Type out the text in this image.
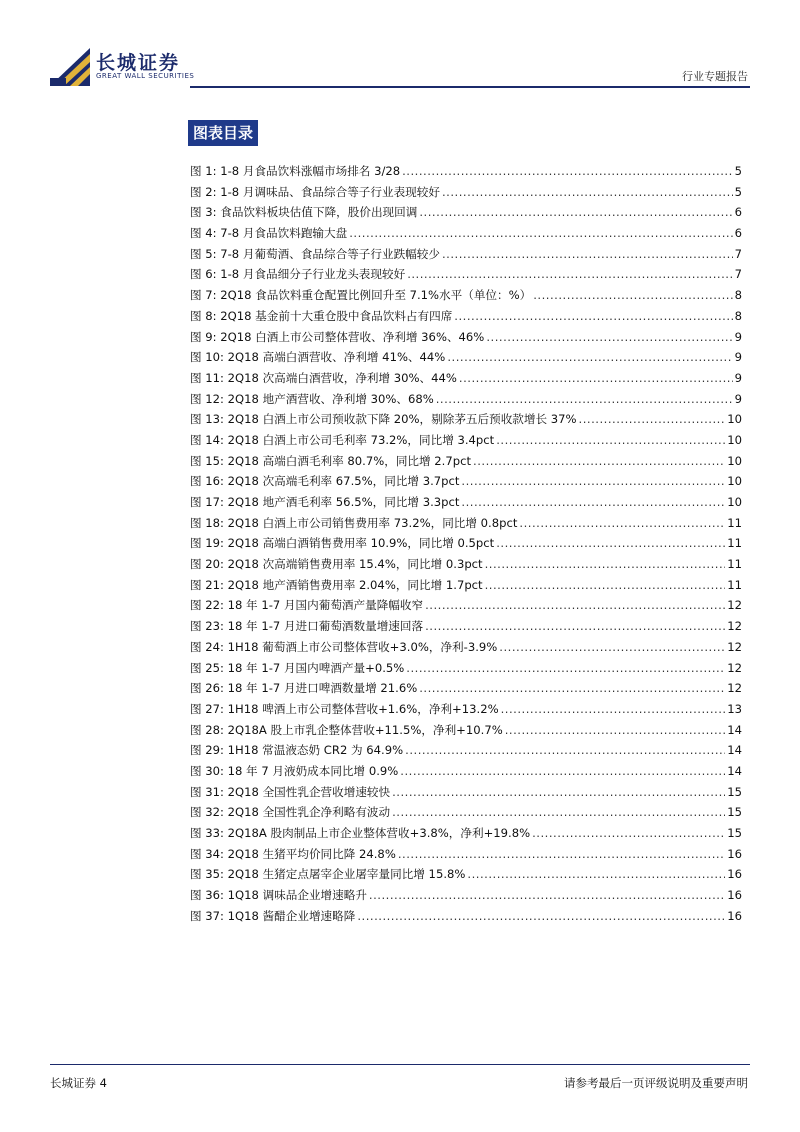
长城证券
GREAT WALL SECURITIES	行业专题报告
图表目录
图 1: 1-8 月食品饮料涨幅市场排名 3/28 .....	5
图 2: 1-8 月调味品、食品综合等子行业表现较好 .....	5
图 3: 食品饮料板块估值下降，股价出现回调 .....	6
图 4: 7-8 月食品饮料跑输大盘 .....	6
图 5: 7-8 月葡萄酒、食品综合等子行业跌幅较少 .....	7
图 6: 1-8 月食品细分子行业龙头表现较好 .....	7
图 7: 2Q18 食品饮料重仓配置比例回升至 7.1%水平（单位：%） .....	8
图 8: 2Q18 基金前十大重仓股中食品饮料占有四席 .....	8
图 9: 2Q18 白酒上市公司整体营收、净利增 36%、46% .....	9
图 10: 2Q18 高端白酒营收、净利增 41%、44% .....	9
图 11: 2Q18 次高端白酒营收，净利增 30%、44% .....	9
图 12: 2Q18 地产酒营收、净利增 30%、68% .....	9
图 13: 2Q18 白酒上市公司预收款下降 20%，剔除茅五后预收款增长 37% .....	10
图 14: 2Q18 白酒上市公司毛利率 73.2%，同比增 3.4pct .....	10
图 15: 2Q18 高端白酒毛利率 80.7%，同比增 2.7pct .....	10
图 16: 2Q18 次高端毛利率 67.5%，同比增 3.7pct .....	10
图 17: 2Q18 地产酒毛利率 56.5%，同比增 3.3pct .....	10
图 18: 2Q18 白酒上市公司销售费用率 73.2%，同比增 0.8pct .....	11
图 19: 2Q18 高端白酒销售费用率 10.9%，同比增 0.5pct .....	11
图 20: 2Q18 次高端销售费用率 15.4%，同比增 0.3pct .....	11
图 21: 2Q18 地产酒销售费用率 2.04%，同比增 1.7pct .....	11
图 22: 18 年 1-7 月国内葡萄酒产量降幅收窄 .....	12
图 23: 18 年 1-7 月进口葡萄酒数量增速回落 .....	12
图 24: 1H18 葡萄酒上市公司整体营收+3.0%，净利-3.9% .....	12
图 25: 18 年 1-7 月国内啤酒产量+0.5% .....	12
图 26: 18 年 1-7 月进口啤酒数量增 21.6% .....	12
图 27: 1H18 啤酒上市公司整体营收+1.6%，净利+13.2% .....	13
图 28: 2Q18A 股上市乳企整体营收+11.5%，净利+10.7% .....	14
图 29: 1H18 常温液态奶 CR2 为 64.9% .....	14
图 30: 18 年 7 月液奶成本同比增 0.9% .....	14
图 31: 2Q18 全国性乳企营收增速较快 .....	15
图 32: 2Q18 全国性乳企净利略有波动 .....	15
图 33: 2Q18A 股肉制品上市企业整体营收+3.8%，净利+19.8% .....	15
图 34: 2Q18 生猪平均价同比降 24.8% .....	16
图 35: 2Q18 生猪定点屠宰企业屠宰量同比增 15.8% .....	16
图 36: 1Q18 调味品企业增速略升 .....	16
图 37: 1Q18 酱醋企业增速略降 .....	16
长城证券 4	请参考最后一页评级说明及重要声明
